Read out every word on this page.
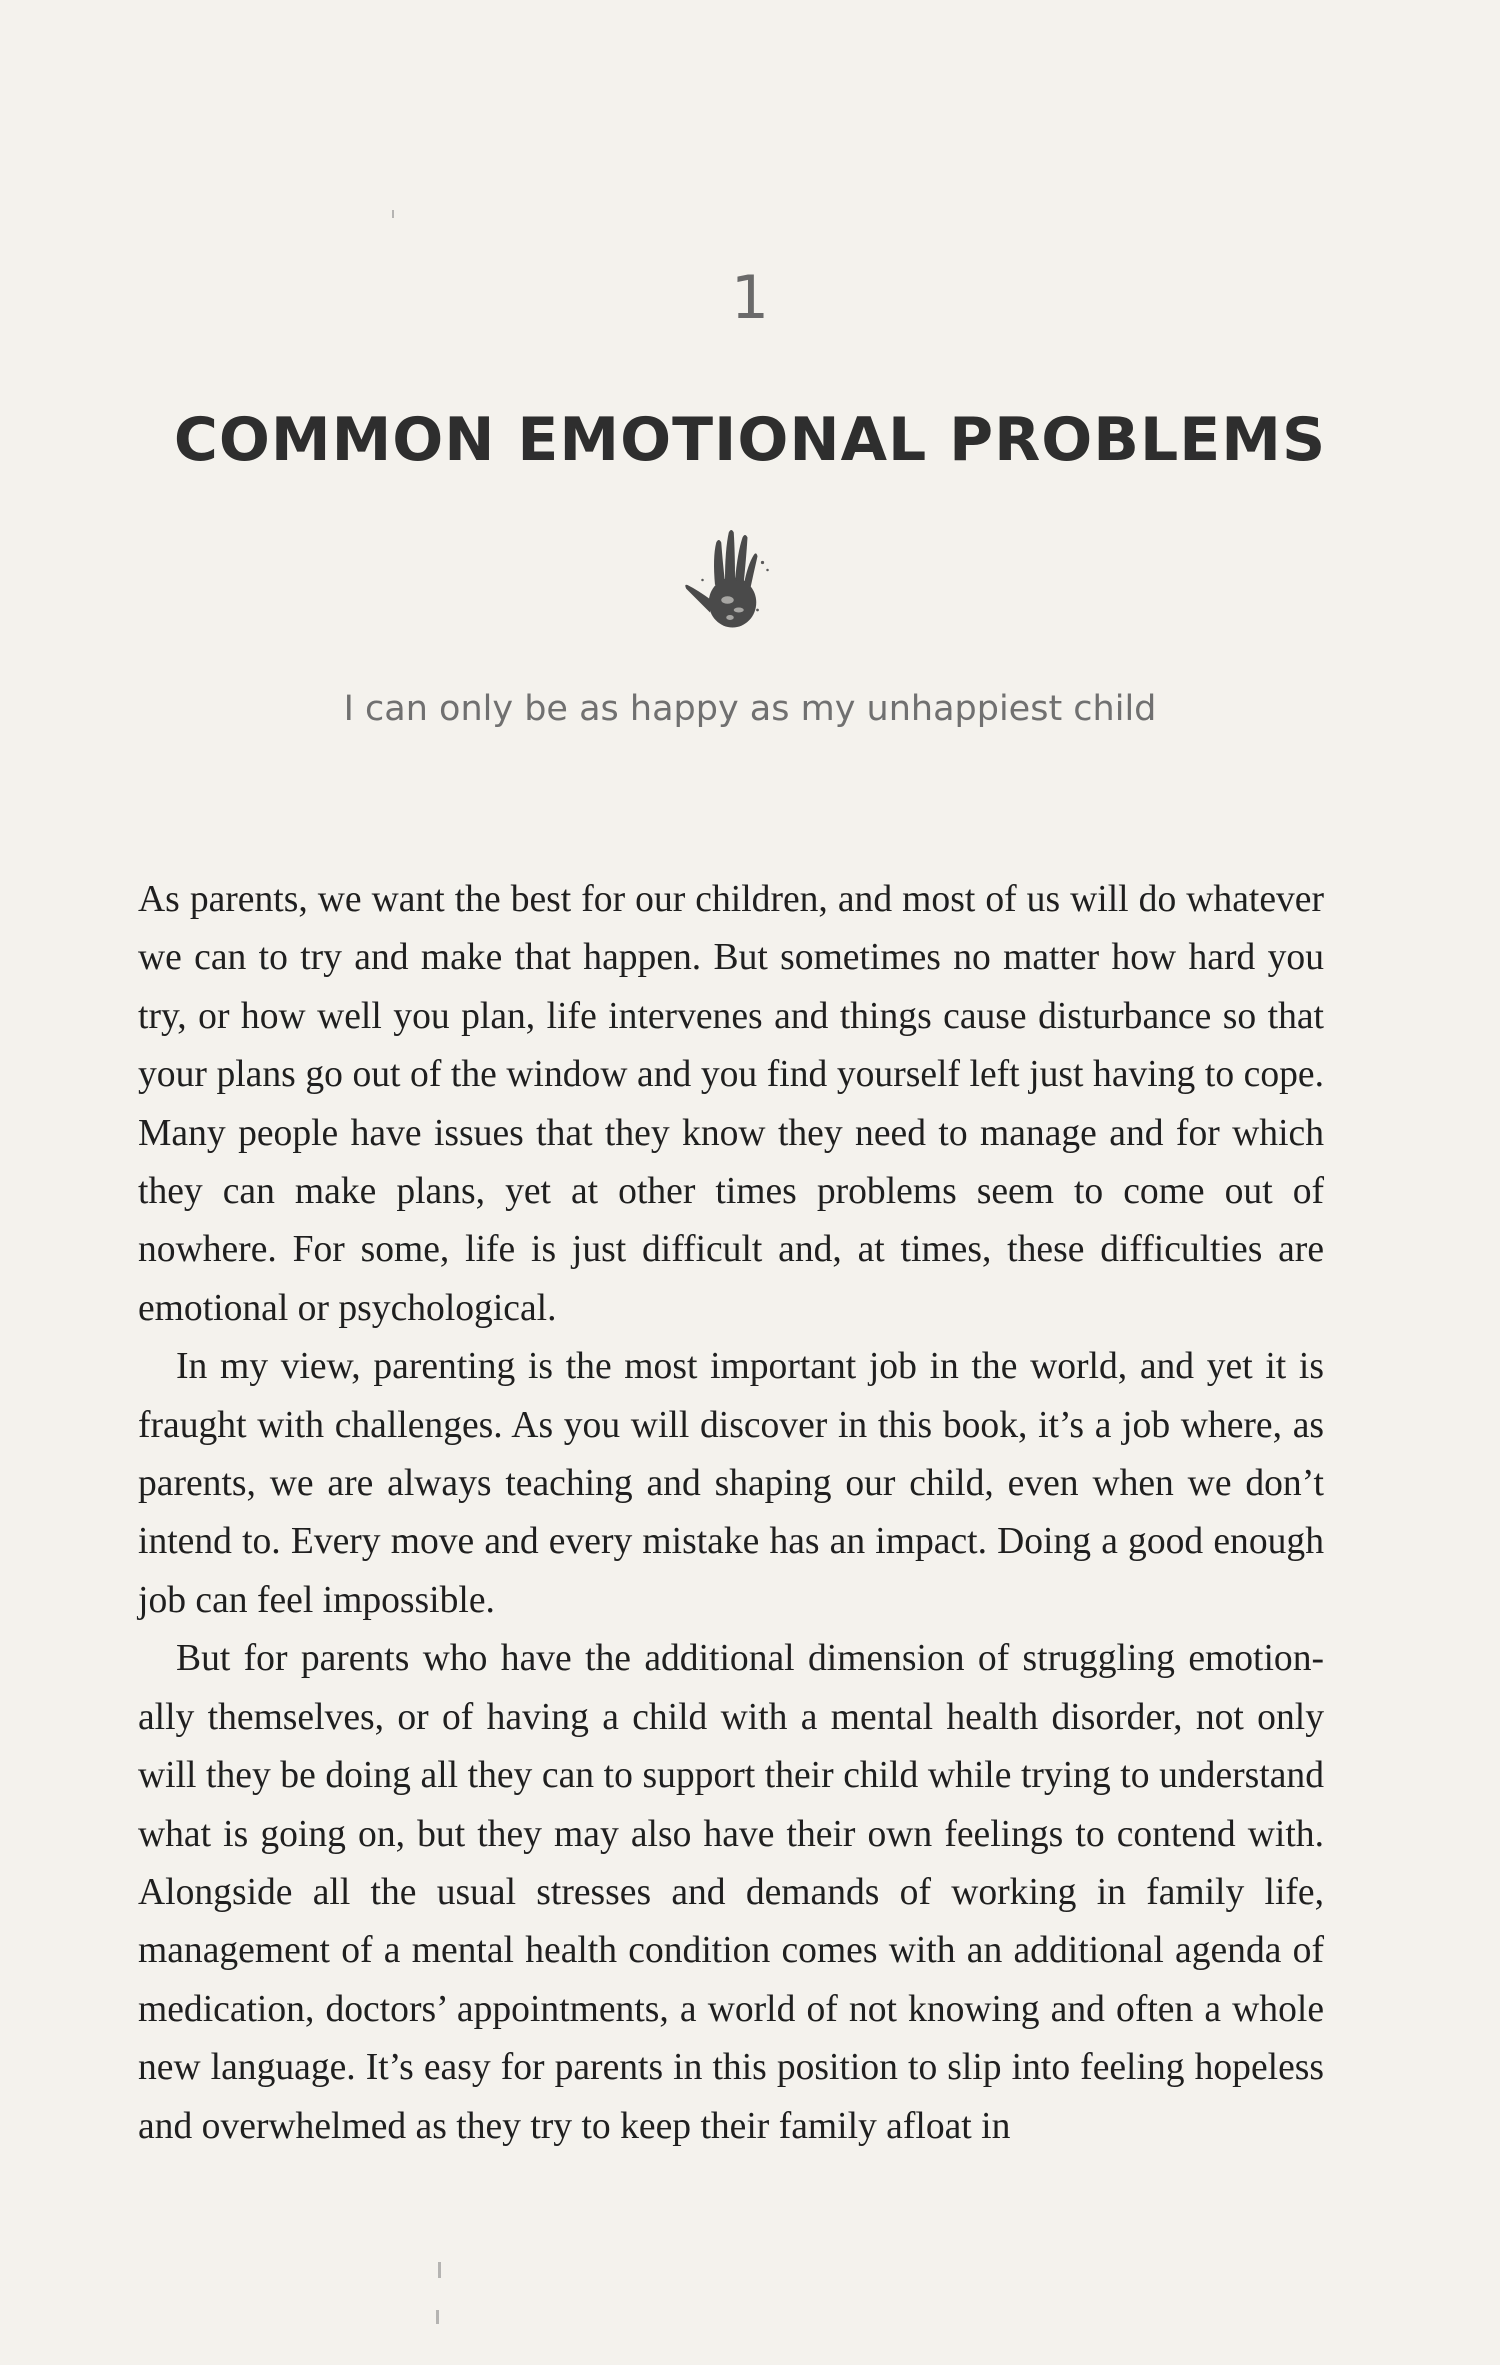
1
COMMON EMOTIONAL PROBLEMS
I can only be as happy as my unhappiest child

As parents, we want the best for our children, and most of us will do whatever we can to try and make that happen. But sometimes no matter how hard you try, or how well you plan, life intervenes and things cause disturbance so that your plans go out of the window and you find yourself left just having to cope. Many people have issues that they know they need to manage and for which they can make plans, yet at other times problems seem to come out of nowhere. For some, life is just difficult and, at times, these difficulties are emotional or psychological.

In my view, parenting is the most important job in the world, and yet it is fraught with challenges. As you will discover in this book, it’s a job where, as parents, we are always teaching and shaping our child, even when we don’t intend to. Every move and every mistake has an impact. Doing a good enough job can feel impossible.

But for parents who have the additional dimension of struggling emotionally themselves, or of having a child with a mental health disorder, not only will they be doing all they can to support their child while trying to understand what is going on, but they may also have their own feelings to contend with. Alongside all the usual stresses and demands of working in family life, management of a mental health condition comes with an additional agenda of medication, doctors’ appointments, a world of not knowing and often a whole new language. It’s easy for parents in this position to slip into feeling hopeless and overwhelmed as they try to keep their family afloat in
